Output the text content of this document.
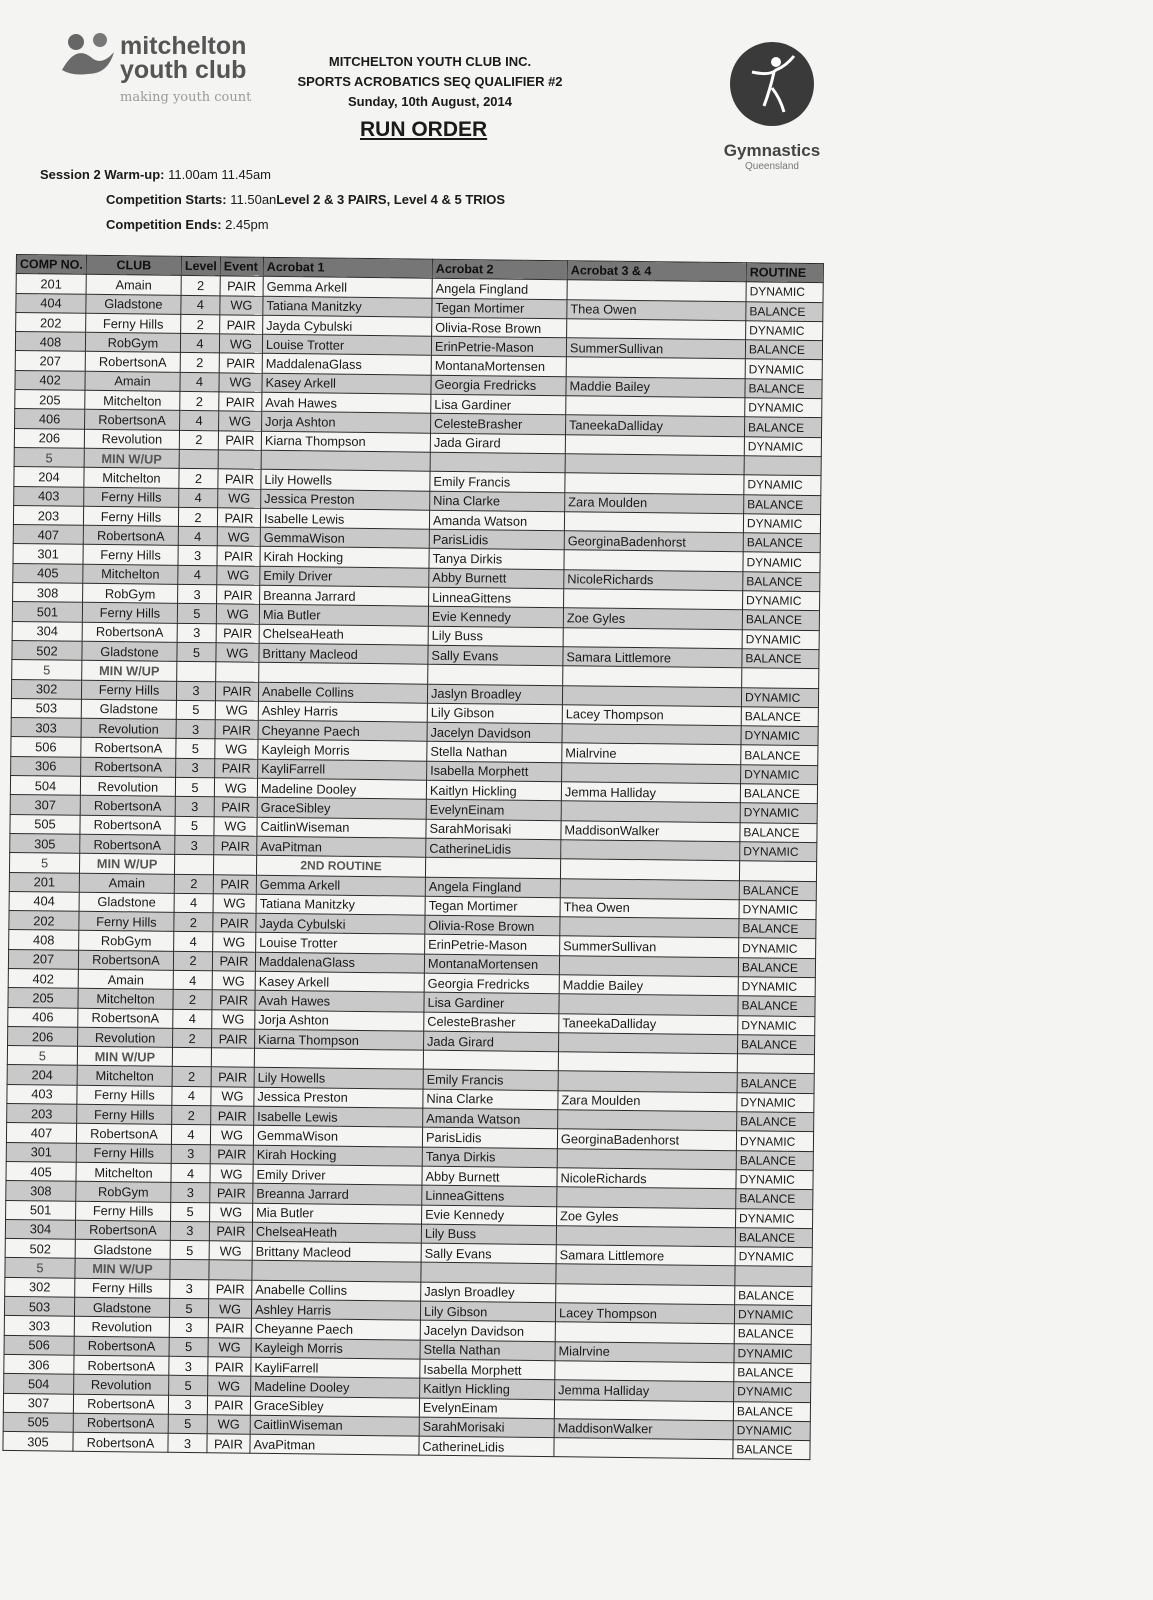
mitchelton
youth club
making youth count
MITCHELTON YOUTH CLUB INC.
SPORTS ACROBATICS SEQ QUALIFIER #2
Sunday, 10th August, 2014
RUN ORDER
Gymnastics
Queensland
Session 2 Warm-up: 11.00am 11.45am
Competition Starts: 11.50anLevel 2 & 3 PAIRS, Level 4 & 5 TRIOS
Competition Ends: 2.45pm
COMP NO.	CLUB	Level	Event	Acrobat 1	Acrobat 2	Acrobat 3 & 4	ROUTINE
201	Amain	2	PAIR	Gemma Arkell	Angela Fingland		DYNAMIC
404	Gladstone	4	WG	Tatiana Manitzky	Tegan Mortimer	Thea Owen	BALANCE
202	Ferny Hills	2	PAIR	Jayda Cybulski	Olivia-Rose Brown		DYNAMIC
408	RobGym	4	WG	Louise Trotter	ErinPetrie-Mason	SummerSullivan	BALANCE
207	RobertsonA	2	PAIR	MaddalenaGlass	MontanaMortensen		DYNAMIC
402	Amain	4	WG	Kasey Arkell	Georgia Fredricks	Maddie Bailey	BALANCE
205	Mitchelton	2	PAIR	Avah Hawes	Lisa Gardiner		DYNAMIC
406	RobertsonA	4	WG	Jorja Ashton	CelesteBrasher	TaneekaDalliday	BALANCE
206	Revolution	2	PAIR	Kiarna Thompson	Jada Girard		DYNAMIC
5	MIN W/UP						
204	Mitchelton	2	PAIR	Lily Howells	Emily Francis		DYNAMIC
403	Ferny Hills	4	WG	Jessica Preston	Nina Clarke	Zara Moulden	BALANCE
203	Ferny Hills	2	PAIR	Isabelle Lewis	Amanda Watson		DYNAMIC
407	RobertsonA	4	WG	GemmaWison	ParisLidis	GeorginaBadenhorst	BALANCE
301	Ferny Hills	3	PAIR	Kirah Hocking	Tanya Dirkis		DYNAMIC
405	Mitchelton	4	WG	Emily Driver	Abby Burnett	NicoleRichards	BALANCE
308	RobGym	3	PAIR	Breanna Jarrard	LinneaGittens		DYNAMIC
501	Ferny Hills	5	WG	Mia Butler	Evie Kennedy	Zoe Gyles	BALANCE
304	RobertsonA	3	PAIR	ChelseaHeath	Lily Buss		DYNAMIC
502	Gladstone	5	WG	Brittany Macleod	Sally Evans	Samara Littlemore	BALANCE
5	MIN W/UP						
302	Ferny Hills	3	PAIR	Anabelle Collins	Jaslyn Broadley		DYNAMIC
503	Gladstone	5	WG	Ashley Harris	Lily Gibson	Lacey Thompson	BALANCE
303	Revolution	3	PAIR	Cheyanne Paech	Jacelyn Davidson		DYNAMIC
506	RobertsonA	5	WG	Kayleigh Morris	Stella Nathan	Mialrvine	BALANCE
306	RobertsonA	3	PAIR	KayliFarrell	Isabella Morphett		DYNAMIC
504	Revolution	5	WG	Madeline Dooley	Kaitlyn Hickling	Jemma Halliday	BALANCE
307	RobertsonA	3	PAIR	GraceSibley	EvelynEinam		DYNAMIC
505	RobertsonA	5	WG	CaitlinWiseman	SarahMorisaki	MaddisonWalker	BALANCE
305	RobertsonA	3	PAIR	AvaPitman	CatherineLidis		DYNAMIC
5	MIN W/UP			2ND ROUTINE			
201	Amain	2	PAIR	Gemma Arkell	Angela Fingland		BALANCE
404	Gladstone	4	WG	Tatiana Manitzky	Tegan Mortimer	Thea Owen	DYNAMIC
202	Ferny Hills	2	PAIR	Jayda Cybulski	Olivia-Rose Brown		BALANCE
408	RobGym	4	WG	Louise Trotter	ErinPetrie-Mason	SummerSullivan	DYNAMIC
207	RobertsonA	2	PAIR	MaddalenaGlass	MontanaMortensen		BALANCE
402	Amain	4	WG	Kasey Arkell	Georgia Fredricks	Maddie Bailey	DYNAMIC
205	Mitchelton	2	PAIR	Avah Hawes	Lisa Gardiner		BALANCE
406	RobertsonA	4	WG	Jorja Ashton	CelesteBrasher	TaneekaDalliday	DYNAMIC
206	Revolution	2	PAIR	Kiarna Thompson	Jada Girard		BALANCE
5	MIN W/UP						
204	Mitchelton	2	PAIR	Lily Howells	Emily Francis		BALANCE
403	Ferny Hills	4	WG	Jessica Preston	Nina Clarke	Zara Moulden	DYNAMIC
203	Ferny Hills	2	PAIR	Isabelle Lewis	Amanda Watson		BALANCE
407	RobertsonA	4	WG	GemmaWison	ParisLidis	GeorginaBadenhorst	DYNAMIC
301	Ferny Hills	3	PAIR	Kirah Hocking	Tanya Dirkis		BALANCE
405	Mitchelton	4	WG	Emily Driver	Abby Burnett	NicoleRichards	DYNAMIC
308	RobGym	3	PAIR	Breanna Jarrard	LinneaGittens		BALANCE
501	Ferny Hills	5	WG	Mia Butler	Evie Kennedy	Zoe Gyles	DYNAMIC
304	RobertsonA	3	PAIR	ChelseaHeath	Lily Buss		BALANCE
502	Gladstone	5	WG	Brittany Macleod	Sally Evans	Samara Littlemore	DYNAMIC
5	MIN W/UP						
302	Ferny Hills	3	PAIR	Anabelle Collins	Jaslyn Broadley		BALANCE
503	Gladstone	5	WG	Ashley Harris	Lily Gibson	Lacey Thompson	DYNAMIC
303	Revolution	3	PAIR	Cheyanne Paech	Jacelyn Davidson		BALANCE
506	RobertsonA	5	WG	Kayleigh Morris	Stella Nathan	Mialrvine	DYNAMIC
306	RobertsonA	3	PAIR	KayliFarrell	Isabella Morphett		BALANCE
504	Revolution	5	WG	Madeline Dooley	Kaitlyn Hickling	Jemma Halliday	DYNAMIC
307	RobertsonA	3	PAIR	GraceSibley	EvelynEinam		BALANCE
505	RobertsonA	5	WG	CaitlinWiseman	SarahMorisaki	MaddisonWalker	DYNAMIC
305	RobertsonA	3	PAIR	AvaPitman	CatherineLidis		BALANCE
